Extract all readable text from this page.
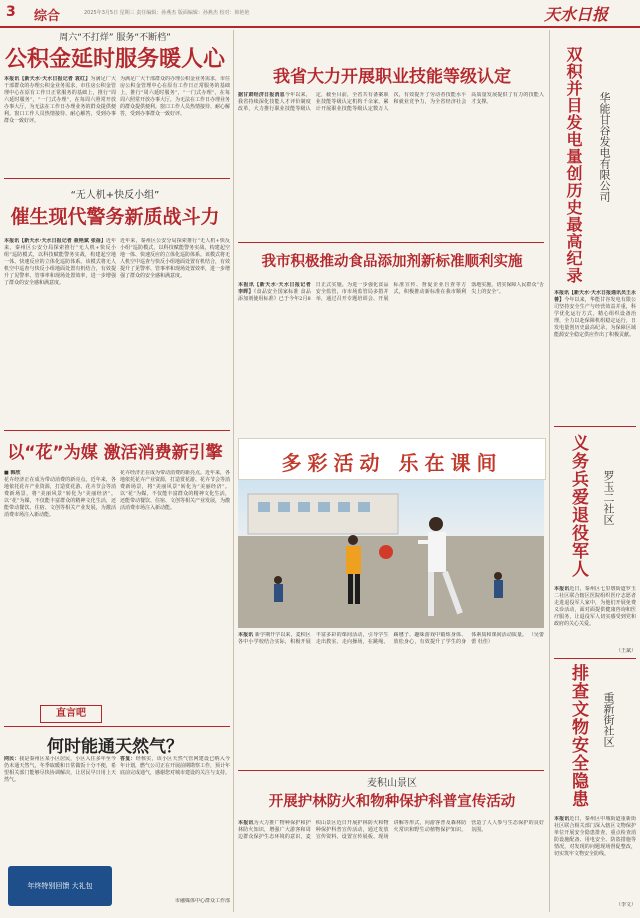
3 综合	2025年3月5日 星期三 责任编辑：孙燕杰 版面编辑：孙燕杰 校对：韩艳艳	天水日报
周六“不打烊” 服务“不断档”
公积金延时服务暖人心
本报讯【新天水·天水日报记者 袁红】为满足广大干部群众的办理公积金业务需求，市住房公积金管理中心在原有工作日正常服务的基础上，推行“周六延时服务”，“一门式办理”，在每周六照常开放办事大厅，为无法在工作日办理业务的群众提供便利。窗口工作人员热情接待、耐心解答，受到办事群众一致好评。
为满足广大干部群众的办理公积金业务需求，市住房公积金管理中心在原有工作日正常服务的基础上，推行“周六延时服务”，“一门式办理”，在每周六照常开放办事大厅，为无法在工作日办理业务的群众提供便利。窗口工作人员热情接待、耐心解答，受到办事群众一致好评。
“无人机+快反小组”
催生现代警务新质战斗力
本报讯【新天水·天水日报记者 聂艳斌 张蓓】近年来，秦州区公安分局探索推行“无人机+快反小组”巡防模式，以科技赋能警务实战，构建起空地一体、快速反应的立体化巡防体系。该模式将无人机空中巡查与快反小组地面处置有机结合，有效提升了见警率、管事率和现场处置效率，进一步增强了群众的安全感和满意度。
近年来，秦州区公安分局探索推行“无人机+快反小组”巡防模式，以科技赋能警务实战，构建起空地一体、快速反应的立体化巡防体系。该模式将无人机空中巡查与快反小组地面处置有机结合，有效提升了见警率、管事率和现场处置效率，进一步增强了群众的安全感和满意度。
以“花”为媒 激活消费新引擎
■ 韩欣
花卉经济正在成为带动消费的新亮点。近年来，各地依托花卉产业资源，打造赏花游、花卉节会等消费新场景，将“美丽风景”转化为“美丽经济”。以“花”为媒，不仅能丰富群众的精神文化生活，还能带动餐饮、住宿、文创等相关产业发展，为激活消费市场注入新动能。
花卉经济正在成为带动消费的新亮点。近年来，各地依托花卉产业资源，打造赏花游、花卉节会等消费新场景，将“美丽风景”转化为“美丽经济”。以“花”为媒，不仅能丰富群众的精神文化生活，还能带动餐饮、住宿、文创等相关产业发展，为激活消费市场注入新动能。
直言吧
何时能通天然气？
网民：我是秦州区某小区居民，小区入住多年至今仍未通天然气，冬季取暖和日常做饭十分不便，希望相关部门能够尽快协调解决，让居民早日用上天然气。
年终特别回馈 大礼包
答复：经核实，该小区天然气管网建设已纳入今年计划，燃气公司正在开展前期勘察工作，预计年底前完成通气，感谢您对城市建设的关注与支持。
市融媒体中心群众工作部
我省大力开展职业技能等级认定
据甘肃经济日报消息今年以来，我省持续深化技能人才评价制度改革，大力推行职业技能等级认定，截至目前，全省共有备案职业技能等级认定机构千余家，累计开展职业技能等级认定数万人次，有效提升了劳动者技能水平和就业竞争力，为全省经济社会高质量发展提供了有力的技能人才支撑。
我市积极推动食品添加剂新标准顺利实施
本报讯【新天水·天水日报记者 李晖】《食品安全国家标准 食品添加剂使用标准》已于今年2月8日正式实施。为进一步强化食品安全监管，市市场监管局多措并举，通过召开专题培训会、开展标准宣传、督促企业自查等方式，积极推动新标准在我市顺利落地实施，切实保障人民群众“舌尖上的安全”。
多彩活动 乐在课间
本报讯 新学期开学以来，麦积区各中小学校结合实际，积极开展丰富多彩的课间活动，引导学生走出教室、走向操场，在跳绳、踢毽子、趣味游戏中锻炼身体、放松身心，有效提升了学生的身体素质和课间活动质量。 （吴蕾蕾 杜佳）
麦积山景区
开展护林防火和物种保护科普宣传活动
本报讯为大力推广物种保护和护林防火知识，增强广大游客和周边群众保护生态环境的意识，麦积山景区近日开展护林防火和物种保护科普宣传活动，通过发放宣传资料、设置宣传展板、现场讲解等形式，向游客普及森林防火常识和野生动植物保护知识，营造了人人参与生态保护的良好氛围。
双积并目发电量创历史最高纪录 华能甘谷发电有限公司
本报讯【新天水·天水日报通讯员王永善】今年以来，华能甘谷发电有限公司坚持安全生产与经营效益并重，科学优化运行方式，精心组织设备治理，全力以赴保障机组稳定运行，日发电量创历史最高纪录，为保障区域能源安全稳定供应作出了积极贡献。
义务兵爱退役军人 罗玉二社区
本报讯近日，秦州区七里墩街道罗玉二社区联合辖区医院组织医疗志愿者走进退役军人家中，为他们开展免费义诊活动，面对面提供健康咨询和医疗服务，让退役军人切实感受到党和政府的关心关爱。
（王斌）
排查文物安全隐患 重新街社区
本报讯近日，秦州区中城街道重新街社区联合相关部门深入辖区文物保护单位开展安全隐患排查，重点检查消防设施配备、用电安全、防盗措施等情况，对发现的问题现场督促整改，切实筑牢文物安全防线。
（李文）
